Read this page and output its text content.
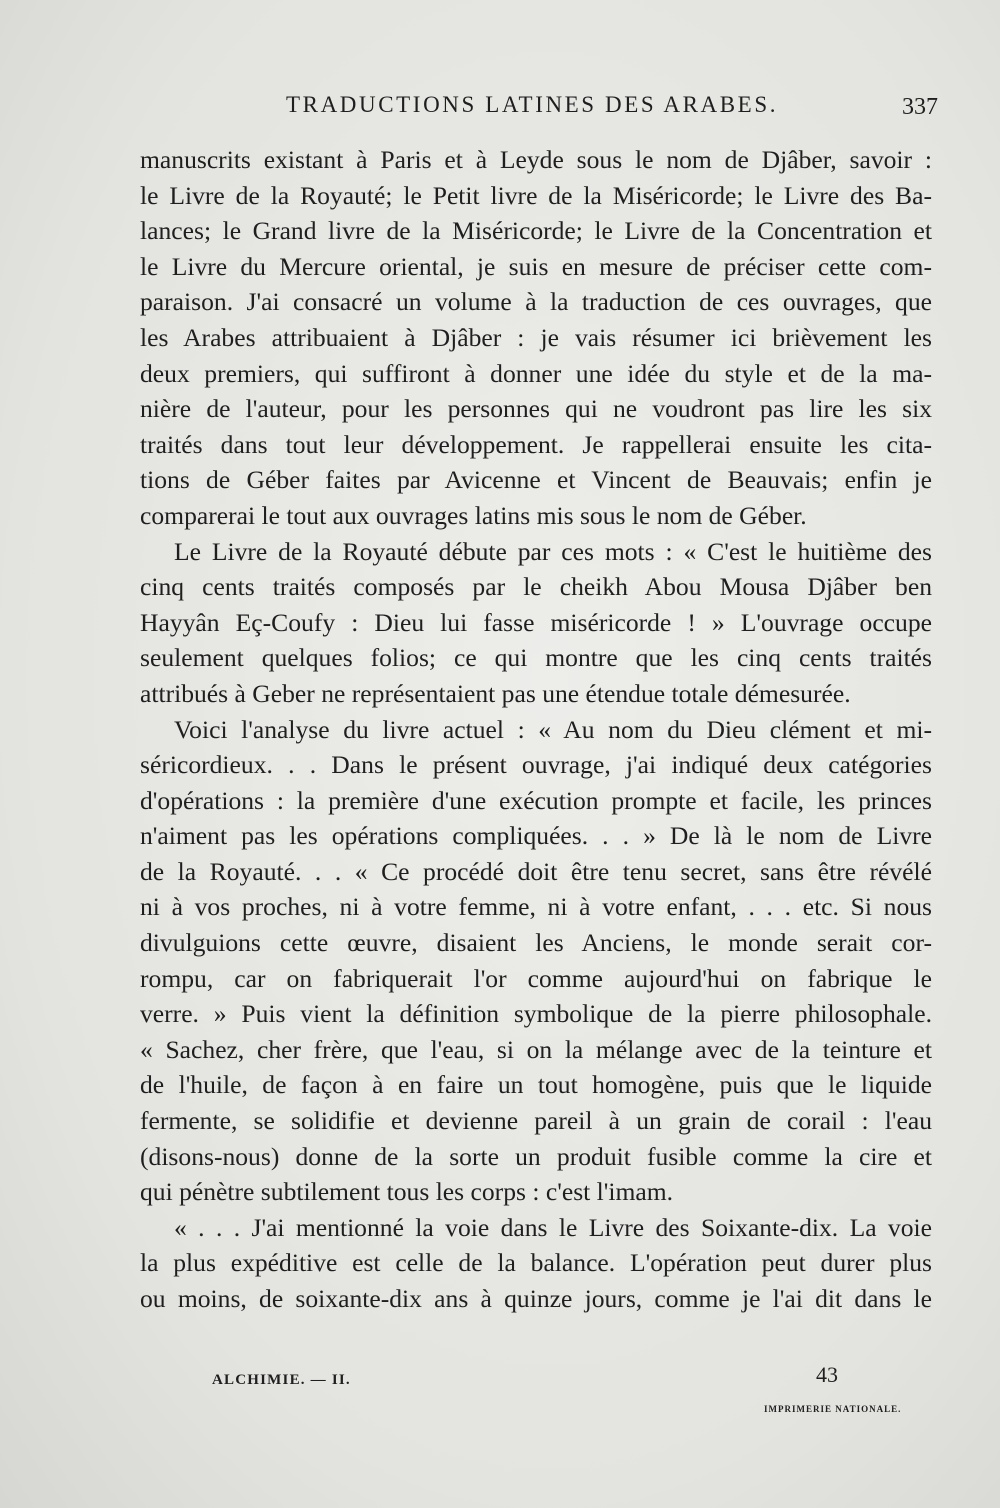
TRADUCTIONS LATINES DES ARABES.	337
manuscrits existant à Paris et à Leyde sous le nom de Djâber, savoir :
le Livre de la Royauté; le Petit livre de la Miséricorde; le Livre des Ba-
lances; le Grand livre de la Miséricorde; le Livre de la Concentration et
le Livre du Mercure oriental, je suis en mesure de préciser cette com-
paraison. J'ai consacré un volume à la traduction de ces ouvrages, que
les Arabes attribuaient à Djâber : je vais résumer ici brièvement les
deux premiers, qui suffiront à donner une idée du style et de la ma-
nière de l'auteur, pour les personnes qui ne voudront pas lire les six
traités dans tout leur développement. Je rappellerai ensuite les cita-
tions de Géber faites par Avicenne et Vincent de Beauvais; enfin je
comparerai le tout aux ouvrages latins mis sous le nom de Géber.
Le Livre de la Royauté débute par ces mots : « C'est le huitième des
cinq cents traités composés par le cheikh Abou Mousa Djâber ben
Hayyân Eç-Coufy : Dieu lui fasse miséricorde ! » L'ouvrage occupe
seulement quelques folios; ce qui montre que les cinq cents traités
attribués à Geber ne représentaient pas une étendue totale démesurée.
Voici l'analyse du livre actuel : « Au nom du Dieu clément et mi-
séricordieux. . . Dans le présent ouvrage, j'ai indiqué deux catégories
d'opérations : la première d'une exécution prompte et facile, les princes
n'aiment pas les opérations compliquées. . . » De là le nom de Livre
de la Royauté. . . « Ce procédé doit être tenu secret, sans être révélé
ni à vos proches, ni à votre femme, ni à votre enfant, . . . etc. Si nous
divulguions cette œuvre, disaient les Anciens, le monde serait cor-
rompu, car on fabriquerait l'or comme aujourd'hui on fabrique le
verre. » Puis vient la définition symbolique de la pierre philosophale.
« Sachez, cher frère, que l'eau, si on la mélange avec de la teinture et
de l'huile, de façon à en faire un tout homogène, puis que le liquide
fermente, se solidifie et devienne pareil à un grain de corail : l'eau
(disons-nous) donne de la sorte un produit fusible comme la cire et
qui pénètre subtilement tous les corps : c'est l'imam.
« . . . J'ai mentionné la voie dans le Livre des Soixante-dix. La voie
la plus expéditive est celle de la balance. L'opération peut durer plus
ou moins, de soixante-dix ans à quinze jours, comme je l'ai dit dans le
ALCHIMIE. — II.	43
IMPRIMERIE NATIONALE.
